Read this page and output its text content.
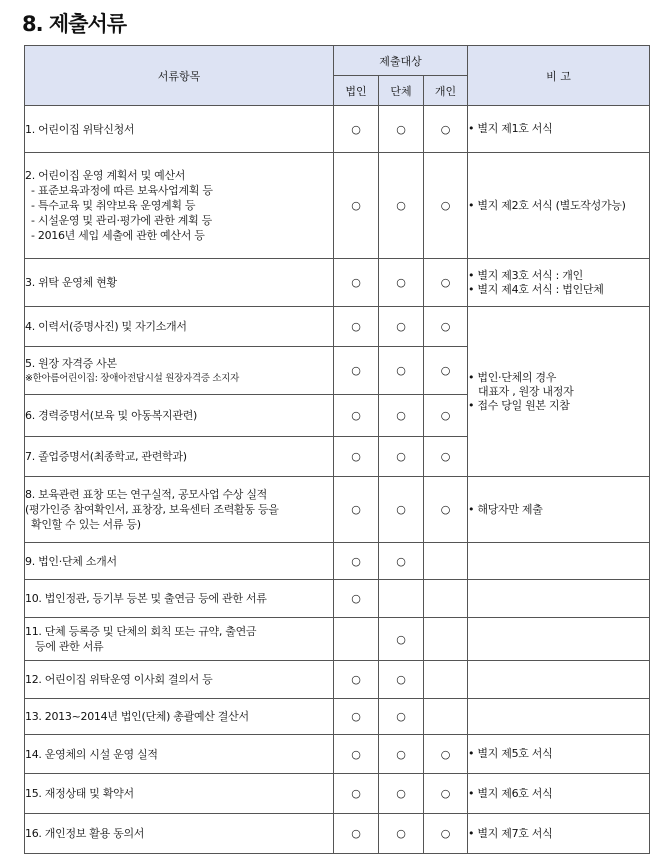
8. 제출서류
서류항목	제출대상			비 고
	법인	단체	개인	
1. 어린이집 위탁신청서	○	○	○	• 별지 제1호 서식

2. 어린이집 운영 계획서 및 예산서
- 표준보육과정에 따른 보육사업계획 등
- 특수교육 및 취약보육 운영계획 등
- 시설운영 및 관리·평가에 관한 계획 등
- 2016년 세입 세출에 관한 예산서 등	○	○	○	• 별지 제2호 서식 (별도작성가능)

3. 위탁 운영체 현황	○	○	○	• 별지 제3호 서식 : 개인
• 별지 제4호 서식 : 법인단체

4. 이력서(증명사진) 및 자기소개서	○	○	○	• 법인·단체의 경우
대표자 , 원장 내정자
• 접수 당일 원본 지참

5. 원장 자격증 사본
※한아름어린이집: 장애아전담시설 원장자격증 소지자	○	○	○	
6. 경력증명서(보육 및 아동복지관련)	○	○	○	
7. 졸업증명서(최종학교, 관련학과)	○	○	○	

8. 보육관련 표창 또는 연구실적, 공모사업 수상 실적
(평가인증 참여확인서, 표창장, 보육센터 조력활동 등을
확인할 수 있는 서류 등)	○	○	○	• 해당자만 제출

9. 법인·단체 소개서	○	○		
10. 법인정관, 등기부 등본 및 출연금 등에 관한 서류	○			

11. 단체 등록증 및 단체의 회칙 또는 규약, 출연금
등에 관한 서류		○		
12. 어린이집 위탁운영 이사회 결의서 등	○	○		
13. 2013~2014년 법인(단체) 총괄예산 결산서	○	○		
14. 운영체의 시설 운영 실적	○	○	○	• 별지 제5호 서식

15. 재정상태 및 확약서	○	○	○	• 별지 제6호 서식

16. 개인정보 활용 동의서	○	○	○	• 별지 제7호 서식
